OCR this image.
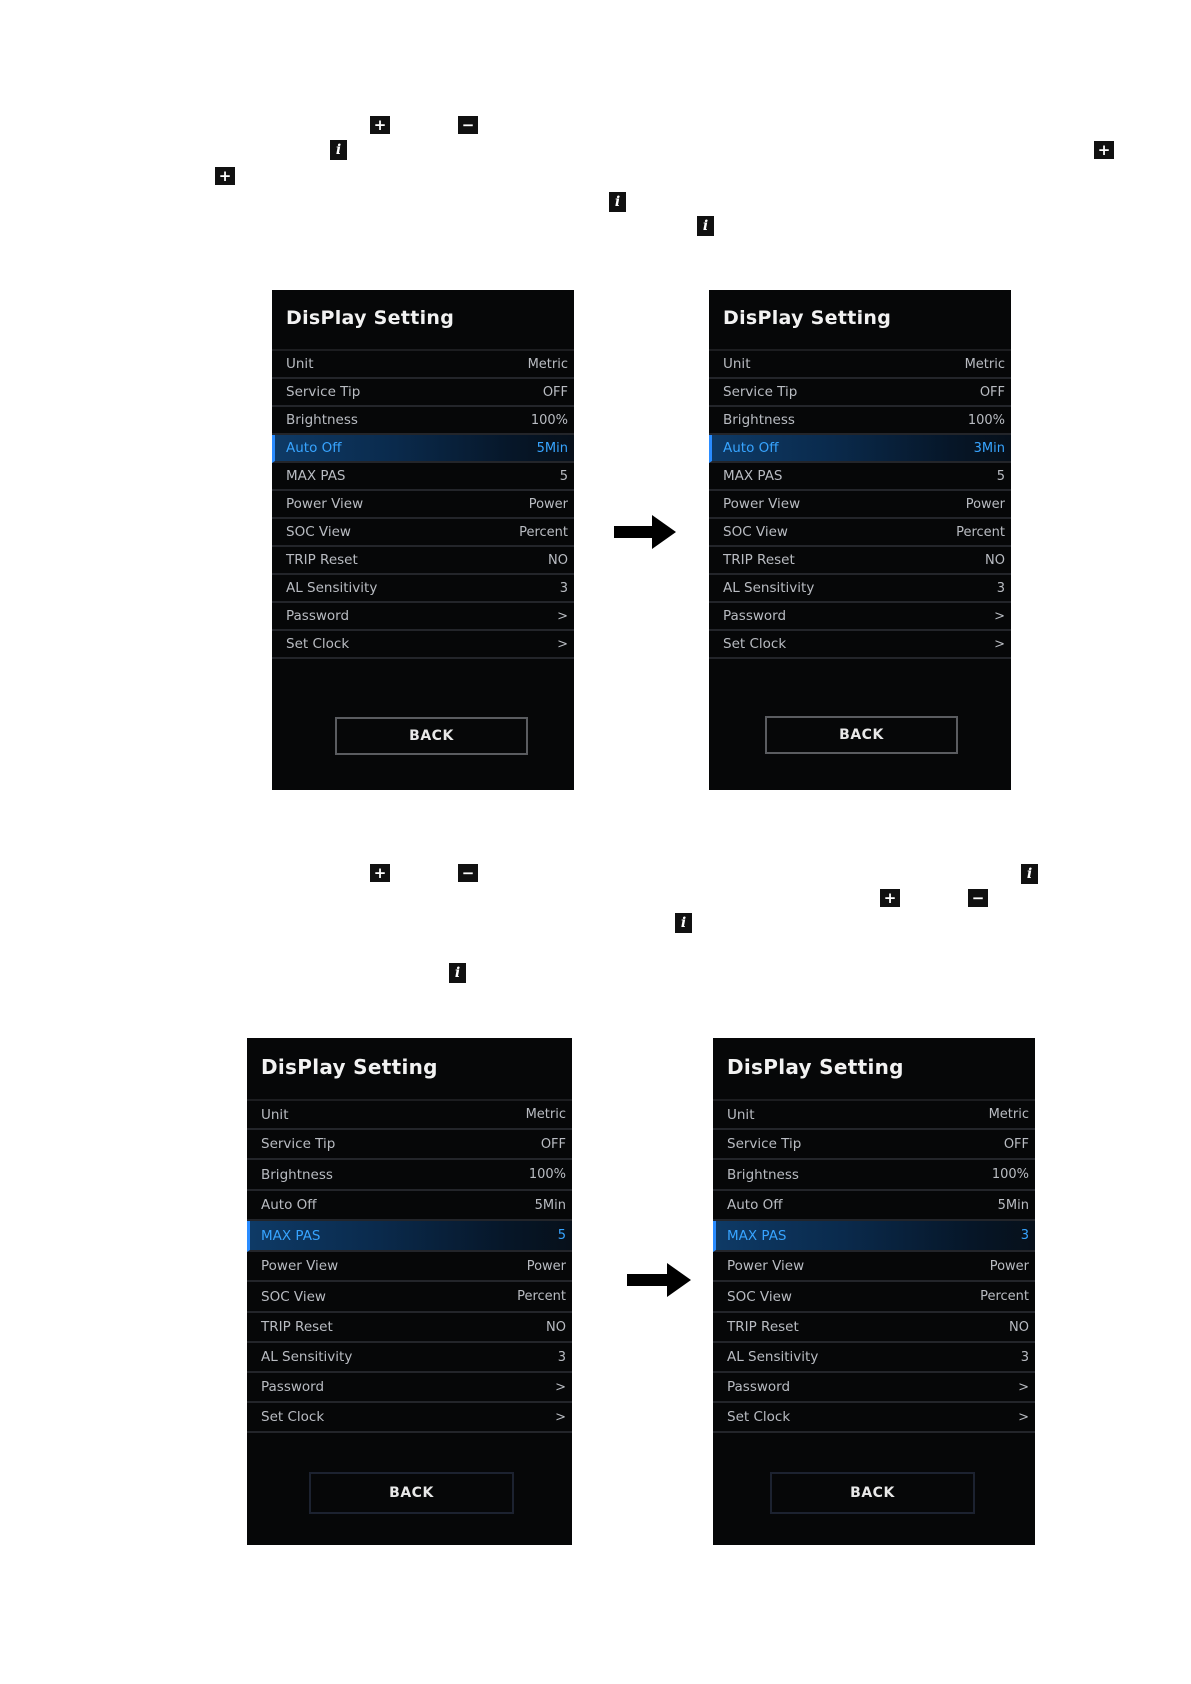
+	−
i	+
+
i
i
DisPlay Setting
Unit	Metric
Service Tip	OFF
Brightness	100%
Auto Off	5Min
MAX PAS	5
Power View	Power
SOC View	Percent
TRIP Reset	NO
AL Sensitivity	3
Password	>
Set Clock	>
BACK
DisPlay Setting
Unit	Metric
Service Tip	OFF
Brightness	100%
Auto Off	3Min
MAX PAS	5
Power View	Power
SOC View	Percent
TRIP Reset	NO
AL Sensitivity	3
Password	>
Set Clock	>
BACK
+	−	i
+	−
i
i
DisPlay Setting
Unit	Metric
Service Tip	OFF
Brightness	100%
Auto Off	5Min
MAX PAS	5
Power View	Power
SOC View	Percent
TRIP Reset	NO
AL Sensitivity	3
Password	>
Set Clock	>
BACK
DisPlay Setting
Unit	Metric
Service Tip	OFF
Brightness	100%
Auto Off	5Min
MAX PAS	3
Power View	Power
SOC View	Percent
TRIP Reset	NO
AL Sensitivity	3
Password	>
Set Clock	>
BACK
